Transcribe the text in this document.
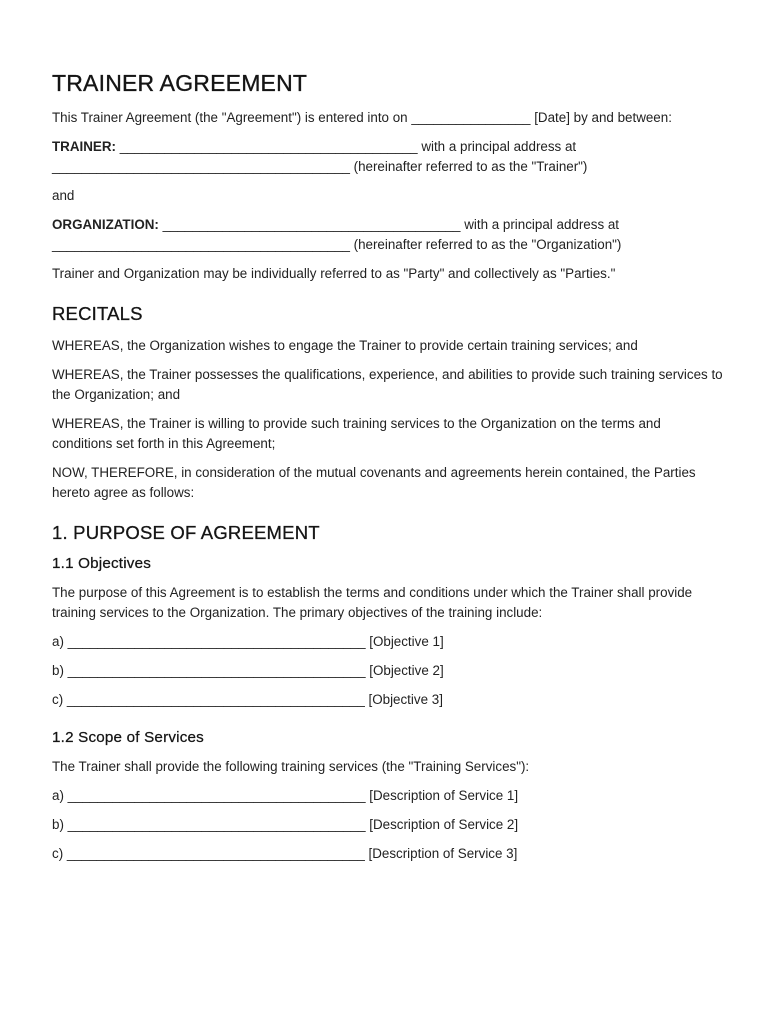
TRAINER AGREEMENT

This Trainer Agreement (the "Agreement") is entered into on ________________ [Date] by and between:

TRAINER: ________________________________________ with a principal address at ________________________________________ (hereinafter referred to as the "Trainer")

and

ORGANIZATION: ________________________________________ with a principal address at ________________________________________ (hereinafter referred to as the "Organization")

Trainer and Organization may be individually referred to as "Party" and collectively as "Parties."

RECITALS

WHEREAS, the Organization wishes to engage the Trainer to provide certain training services; and

WHEREAS, the Trainer possesses the qualifications, experience, and abilities to provide such training services to the Organization; and

WHEREAS, the Trainer is willing to provide such training services to the Organization on the terms and conditions set forth in this Agreement;

NOW, THEREFORE, in consideration of the mutual covenants and agreements herein contained, the Parties hereto agree as follows:

1. PURPOSE OF AGREEMENT
1.1 Objectives

The purpose of this Agreement is to establish the terms and conditions under which the Trainer shall provide training services to the Organization. The primary objectives of the training include:

a) ________________________________________ [Objective 1]
b) ________________________________________ [Objective 2]
c) ________________________________________ [Objective 3]
1.2 Scope of Services

The Trainer shall provide the following training services (the "Training Services"):

a) ________________________________________ [Description of Service 1]
b) ________________________________________ [Description of Service 2]
c) ________________________________________ [Description of Service 3]
